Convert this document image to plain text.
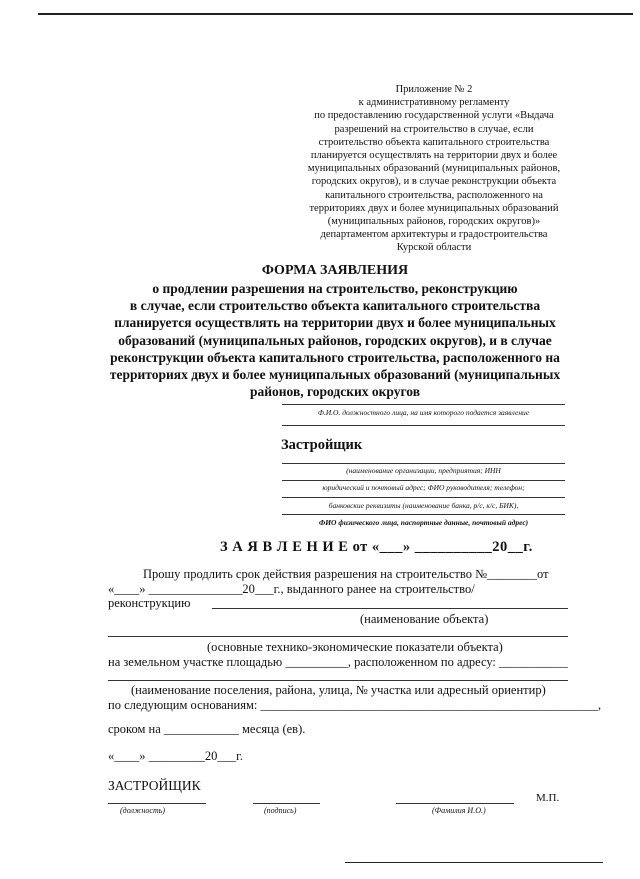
Приложение № 2
к административному регламенту
по предоставлению государственной услуги «Выдача
разрешений на строительство в случае, если
строительство объекта капитального строительства
планируется осуществлять на территории двух и более
муниципальных образований (муниципальных районов,
городских округов), и в случае реконструкции объекта
капитального строительства, расположенного на
территориях двух и более муниципальных образований
(муниципальных районов, городских округов)»
департаментом архитектуры и градостроительства
Курской области
ФОРМА ЗАЯВЛЕНИЯ
о продлении разрешения на строительство, реконструкцию
в случае, если строительство объекта капитального строительства
планируется осуществлять на территории двух и более муниципальных
образований (муниципальных районов, городских округов), и в случае
реконструкции объекта капитального строительства, расположенного на
территориях двух и более муниципальных образований (муниципальных
районов, городских округов
Ф.И.О. должностного лица, на имя которого подается заявление
Застройщик
(наименование организации, предприятия; ИНН
юридический и почтовый адрес; ФИО руководителя; телефон;
банковские реквизиты (наименование банка, р/с, к/с, БИК),
ФИО физического лица, паспортные данные, почтовый адрес)
З А Я В Л Е Н И Е от «___» __________20__г.
Прошу продлить срок действия разрешения на строительство №________от
«____» _______________20___г., выданного ранее на строительство/
реконструкцию
(наименование объекта)
(основные технико-экономические показатели объекта)
на земельном участке площадью __________, расположенном по адресу: ___________
(наименование поселения, района, улица, № участка или адресный ориентир)
по следующим основаниям: ______________________________________________________,
сроком на ____________ месяца (ев).
«____» _________20___г.
ЗАСТРОЙЩИК
(должность)	(подпись)	(Фамилия И.О.)
М.П.
